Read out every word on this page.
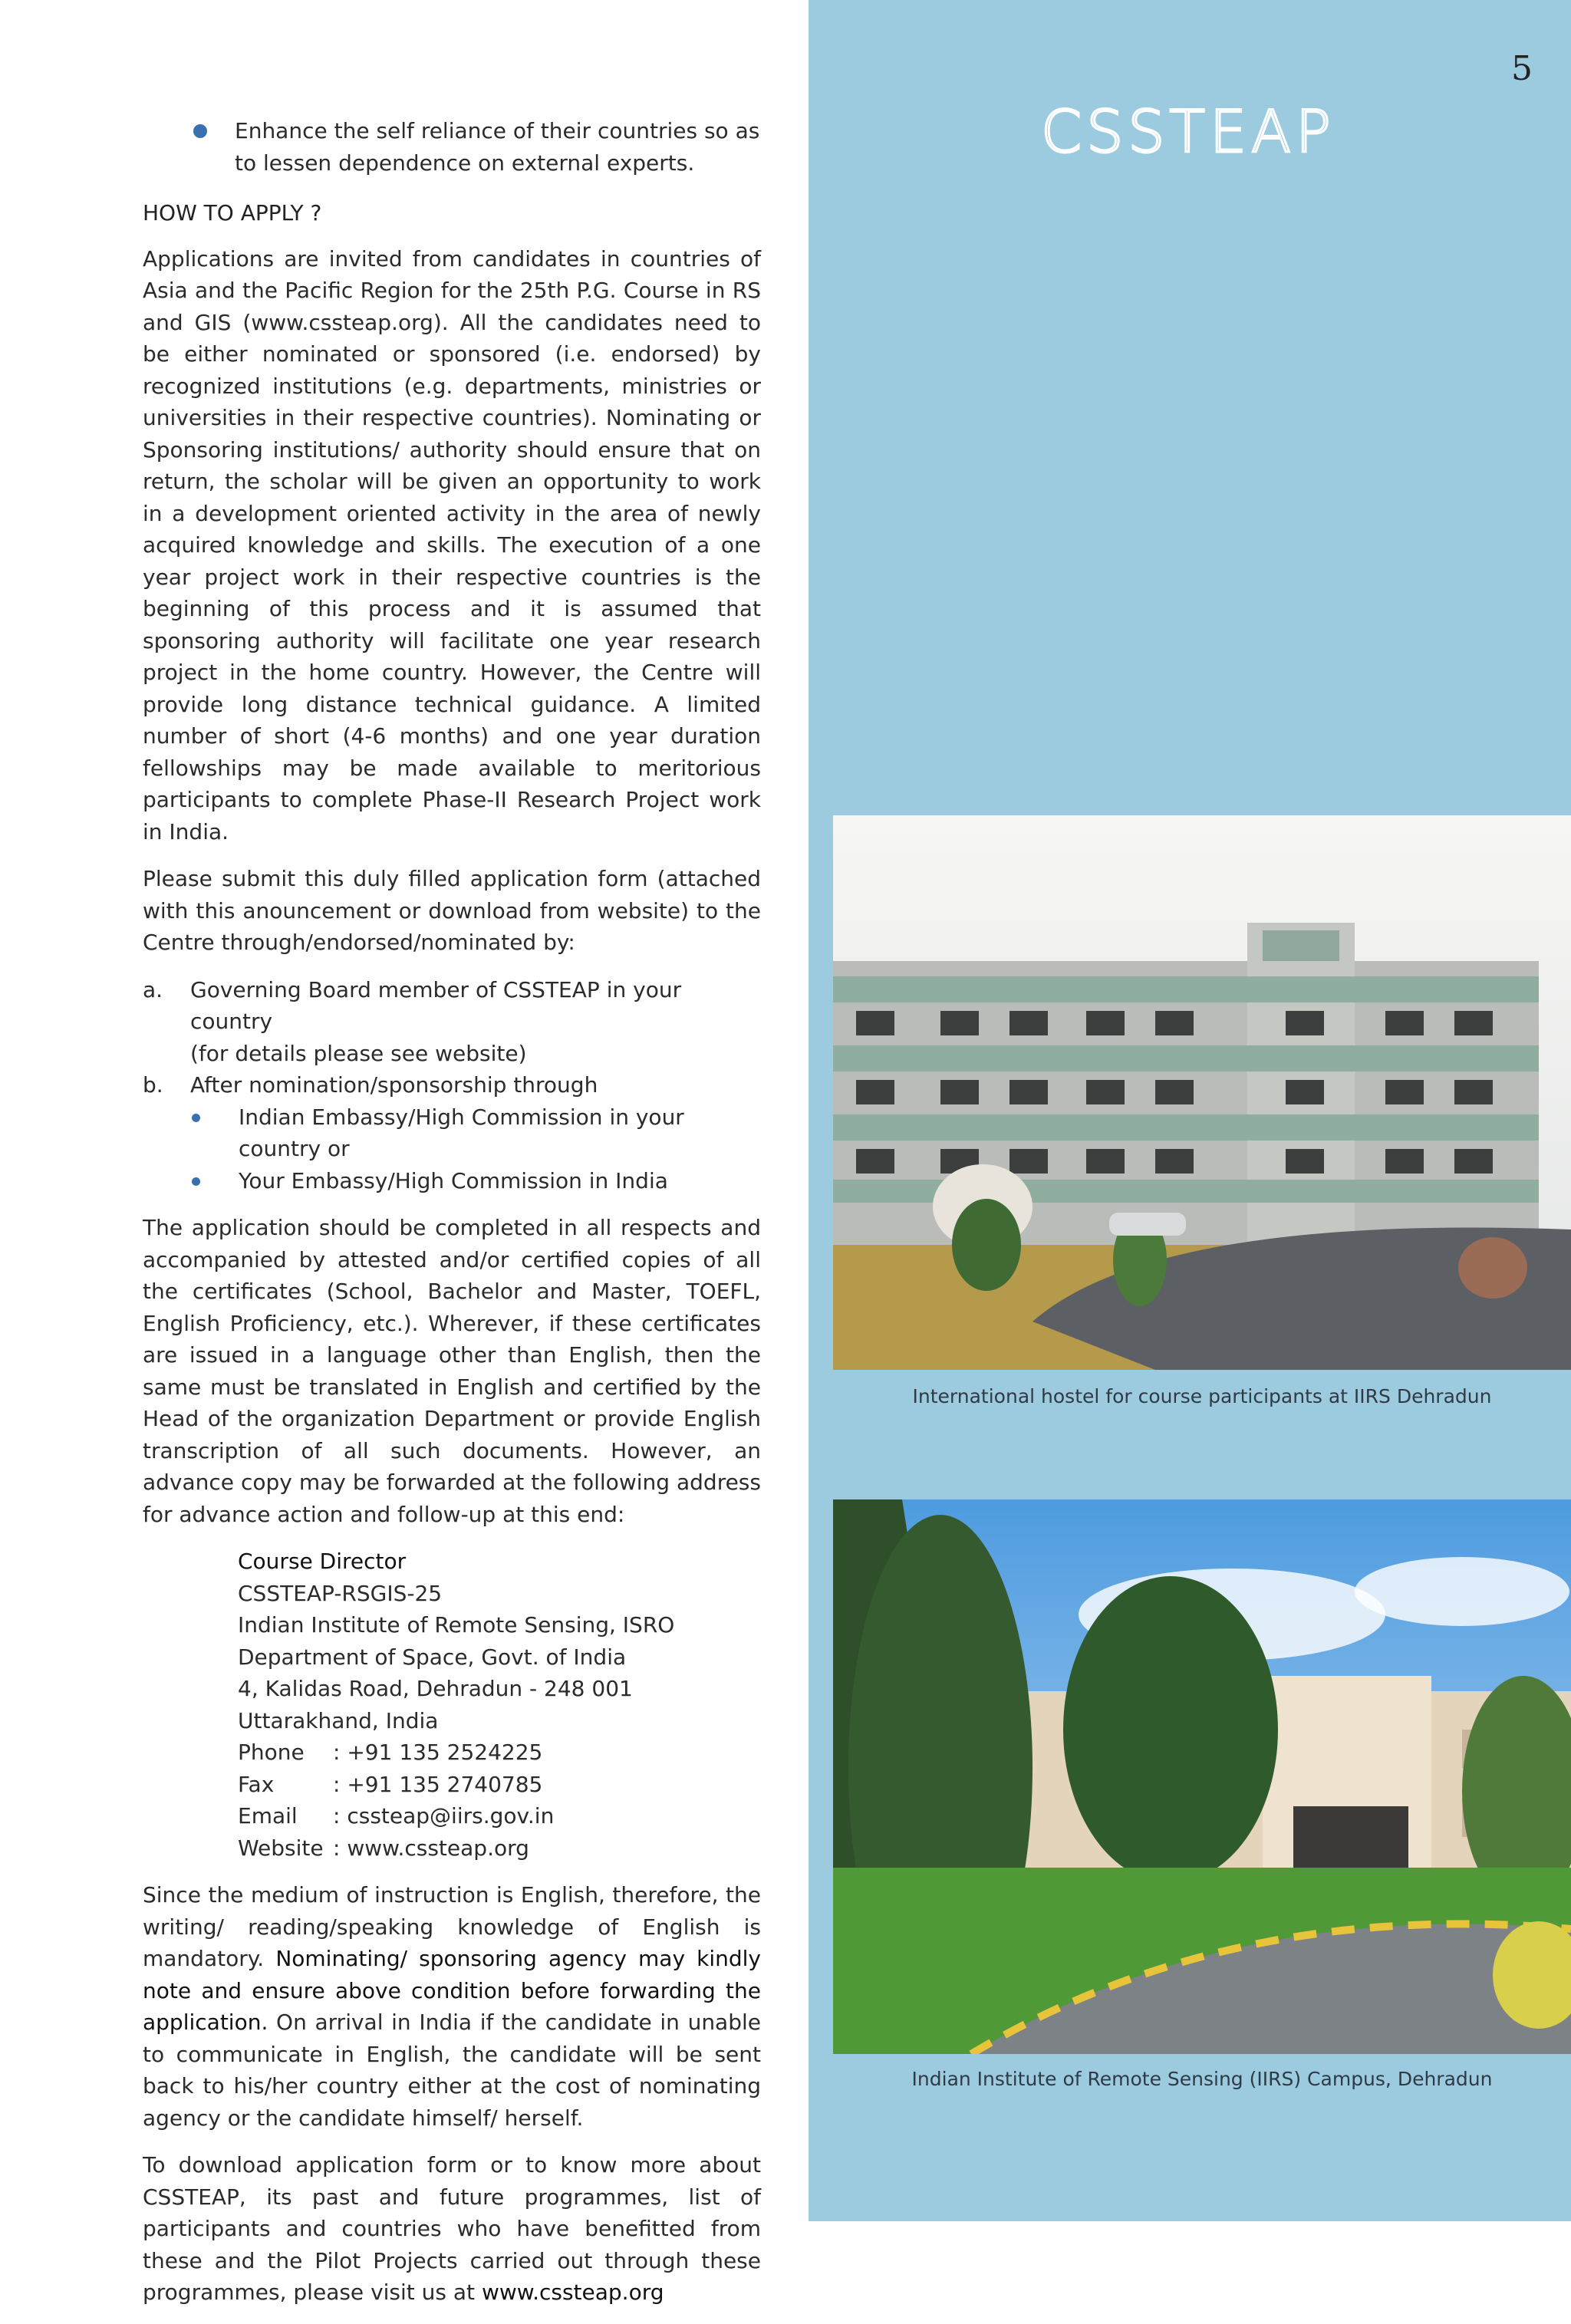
5
CSSTEAP
Enhance the self reliance of their countries so as to lessen dependence on external experts.
HOW TO APPLY ?

Applications are invited from candidates in countries of Asia and the Pacific Region for the 25th P.G. Course in RS and GIS (www.cssteap.org). All the candidates need to be either nominated or sponsored (i.e. endorsed) by recognized institutions (e.g. departments, ministries or universities in their respective countries). Nominating or Sponsoring institutions/ authority should ensure that on return, the scholar will be given an opportunity to work in a development oriented activity in the area of newly acquired knowledge and skills. The execution of a one year project work in their respective countries is the beginning of this process and it is assumed that sponsoring authority will facilitate one year research project in the home country. However, the Centre will provide long distance technical guidance. A limited number of short (4-6 months) and one year duration fellowships may be made available to meritorious participants to complete Phase-II Research Project work in India.

Please submit this duly filled application form (attached with this anouncement or download from website) to the Centre through/endorsed/nominated by:

a.	Governing Board member of CSSTEAP in your country
(for details please see website)
b.	After nomination/sponsorship through
Indian Embassy/High Commission in your country or
Your Embassy/High Commission in India

The application should be completed in all respects and accompanied by attested and/or certified copies of all the certificates (School, Bachelor and Master, TOEFL, English Proficiency, etc.). Wherever, if these certificates are issued in a language other than English, then the same must be translated in English and certified by the Head of the organization Department or provide English transcription of all such documents. However, an advance copy may be forwarded at the following address for advance action and follow-up at this end:

Course Director
CSSTEAP-RSGIS-25
Indian Institute of Remote Sensing, ISRO
Department of Space, Govt. of India
4, Kalidas Road, Dehradun - 248 001
Uttarakhand, India
Phone	: +91 135 2524225
Fax	: +91 135 2740785
Email	: cssteap@iirs.gov.in
Website : www.cssteap.org

Since the medium of instruction is English, therefore, the writing/ reading/speaking knowledge of English is mandatory. Nominating/ sponsoring agency may kindly note and ensure above condition before forwarding the application. On arrival in India if the candidate in unable to communicate in English, the candidate will be sent back to his/her country either at the cost of nominating agency or the candidate himself/ herself.

To download application form or to know more about CSSTEAP, its past and future programmes, list of participants and countries who have benefitted from these and the Pilot Projects carried out through these programmes, please visit us at www.cssteap.org

International hostel for course participants at IIRS Dehradun
Indian Institute of Remote Sensing (IIRS) Campus, Dehradun
